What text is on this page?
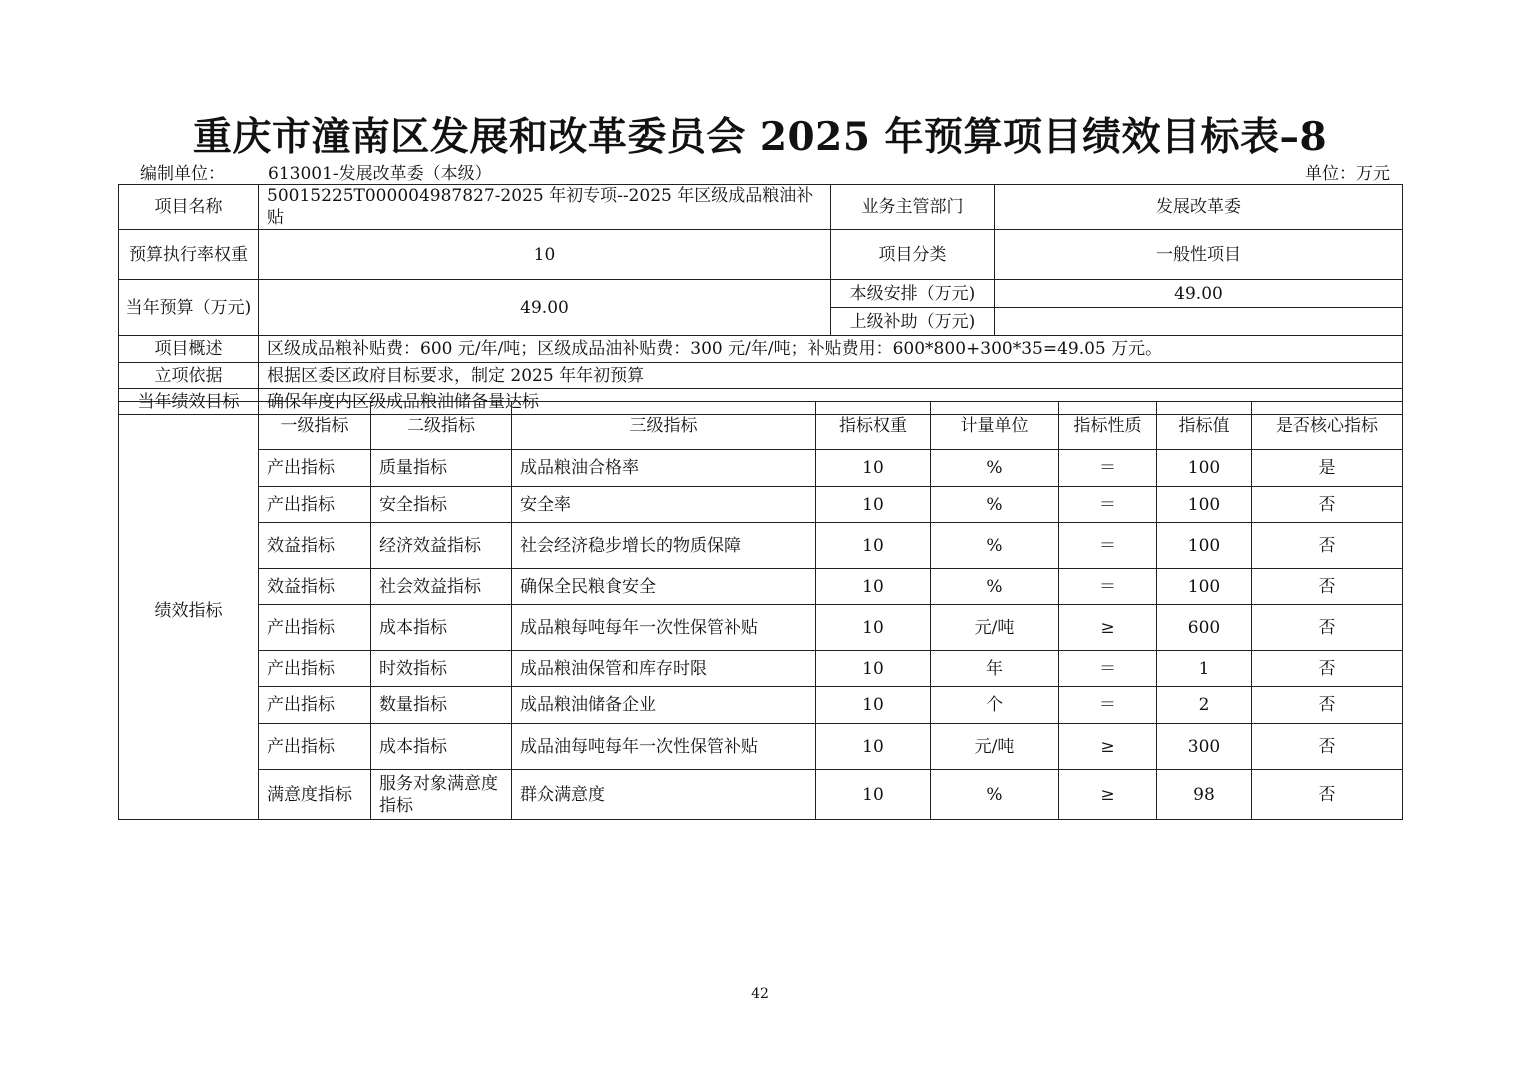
重庆市潼南区发展和改革委员会 2025 年预算项目绩效目标表–8
编制单位：	613001-发展改革委（本级）	单位：万元
项目名称	50015225T000004987827-2025 年初专项--2025 年区级成品粮油补贴	业务主管部门	发展改革委
预算执行率权重	10	项目分类	一般性项目
当年预算（万元)	49.00	本级安排（万元)	49.00
		上级补助（万元)	
项目概述	区级成品粮补贴费：600 元/年/吨；区级成品油补贴费：300 元/年/吨；补贴费用：600*800+300*35=49.05 万元。		
立项依据	根据区委区政府目标要求，制定 2025 年年初预算		
当年绩效目标	确保年度内区级成品粮油储备量达标		
绩效指标	一级指标	二级指标	三级指标	指标权重	计量单位	指标性质	指标值	是否核心指标
	产出指标	质量指标	成品粮油合格率	10	%	＝	100	是
	产出指标	安全指标	安全率	10	%	＝	100	否
	效益指标	经济效益指标	社会经济稳步增长的物质保障	10	%	＝	100	否
	效益指标	社会效益指标	确保全民粮食安全	10	%	＝	100	否
	产出指标	成本指标	成品粮每吨每年一次性保管补贴	10	元/吨	≥	600	否
	产出指标	时效指标	成品粮油保管和库存时限	10	年	＝	1	否
	产出指标	数量指标	成品粮油储备企业	10	个	＝	2	否
	产出指标	成本指标	成品油每吨每年一次性保管补贴	10	元/吨	≥	300	否
	满意度指标	服务对象满意度指标	群众满意度	10	%	≥	98	否
42
